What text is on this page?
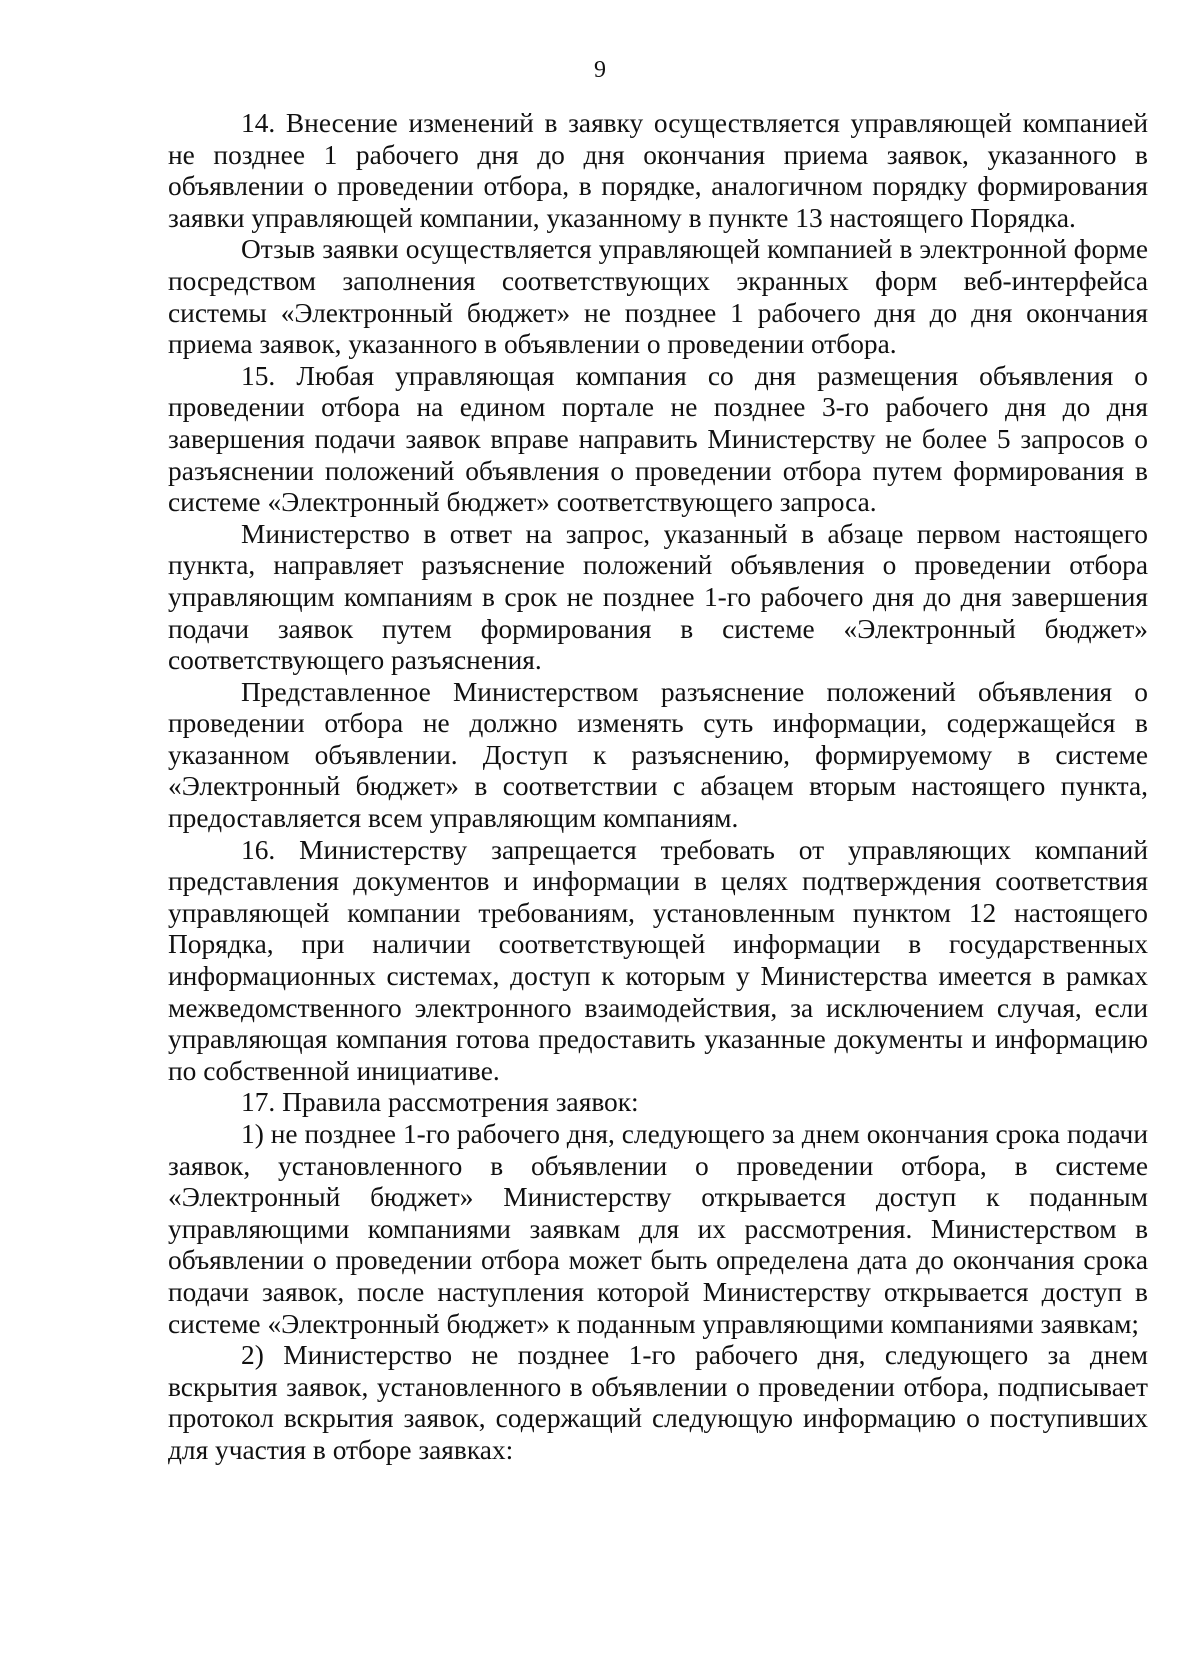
9

14. Внесение изменений в заявку осуществляется управляющей компанией не позднее 1 рабочего дня до дня окончания приема заявок, указанного в объявлении о проведении отбора, в порядке, аналогичном порядку формирования заявки управляющей компании, указанному в пункте 13 настоящего Порядка.

Отзыв заявки осуществляется управляющей компанией в электронной форме посредством заполнения соответствующих экранных форм веб-интерфейса системы «Электронный бюджет» не позднее 1 рабочего дня до дня окончания приема заявок, указанного в объявлении о проведении отбора.

15. Любая управляющая компания со дня размещения объявления о проведении отбора на едином портале не позднее 3-го рабочего дня до дня завершения подачи заявок вправе направить Министерству не более 5 запросов о разъяснении положений объявления о проведении отбора путем формирования в системе «Электронный бюджет» соответствующего запроса.

Министерство в ответ на запрос, указанный в абзаце первом настоящего пункта, направляет разъяснение положений объявления о проведении отбора управляющим компаниям в срок не позднее 1-го рабочего дня до дня завершения подачи заявок путем формирования в системе «Электронный бюджет» соответствующего разъяснения.

Представленное Министерством разъяснение положений объявления о проведении отбора не должно изменять суть информации, содержащейся в указанном объявлении. Доступ к разъяснению, формируемому в системе «Электронный бюджет» в соответствии с абзацем вторым настоящего пункта, предоставляется всем управляющим компаниям.

16. Министерству запрещается требовать от управляющих компаний представления документов и информации в целях подтверждения соответствия управляющей компании требованиям, установленным пунктом 12 настоящего Порядка, при наличии соответствующей информации в государственных информационных системах, доступ к которым у Министерства имеется в рамках межведомственного электронного взаимодействия, за исключением случая, если управляющая компания готова предоставить указанные документы и информацию по собственной инициативе.

17. Правила рассмотрения заявок:

1) не позднее 1-го рабочего дня, следующего за днем окончания срока подачи заявок, установленного в объявлении о проведении отбора, в системе «Электронный бюджет» Министерству открывается доступ к поданным управляющими компаниями заявкам для их рассмотрения. Министерством в объявлении о проведении отбора может быть определена дата до окончания срока подачи заявок, после наступления которой Министерству открывается доступ в системе «Электронный бюджет» к поданным управляющими компаниями заявкам;

2) Министерство не позднее 1-го рабочего дня, следующего за днем вскрытия заявок, установленного в объявлении о проведении отбора, подписывает протокол вскрытия заявок, содержащий следующую информацию о поступивших для участия в отборе заявках:
